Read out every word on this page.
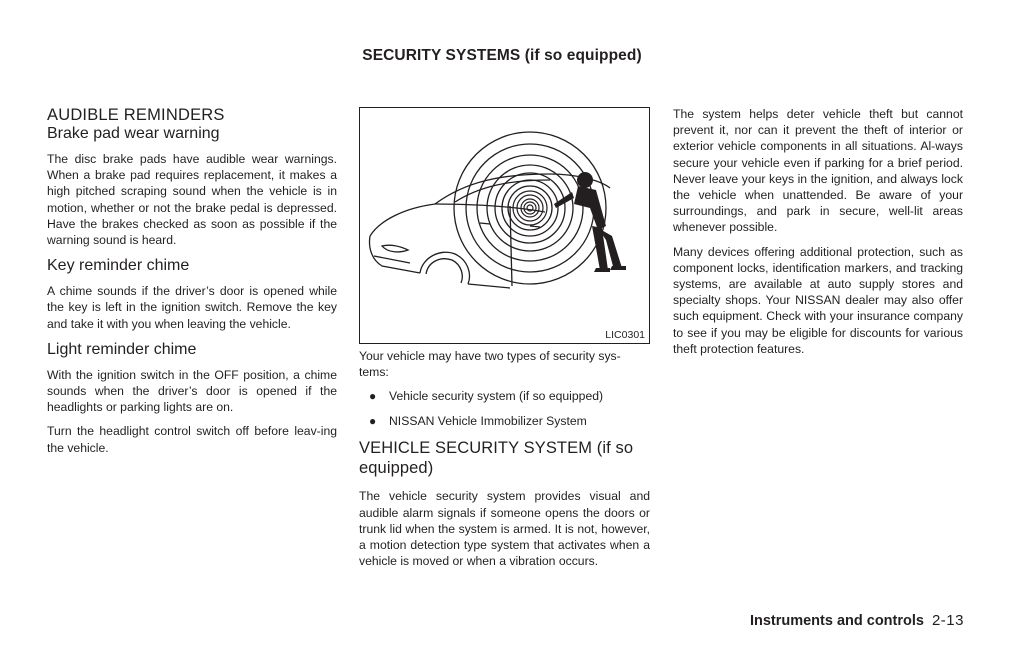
SECURITY SYSTEMS (if so equipped)
AUDIBLE REMINDERS
Brake pad wear warning

The disc brake pads have audible wear warnings. When a brake pad requires replacement, it makes a high pitched scraping sound when the vehicle is in motion, whether or not the brake pedal is depressed. Have the brakes checked as soon as possible if the warning sound is heard.

Key reminder chime

A chime sounds if the driver’s door is opened while the key is left in the ignition switch. Remove the key and take it with you when leaving the vehicle.

Light reminder chime

With the ignition switch in the OFF position, a chime sounds when the driver’s door is opened if the headlights or parking lights are on.

Turn the headlight control switch off before leav-ing the vehicle.

LIC0301

Your vehicle may have two types of security sys-tems:

● Vehicle security system (if so equipped)
● NISSAN Vehicle Immobilizer System
VEHICLE SECURITY SYSTEM (if so equipped)

The vehicle security system provides visual and audible alarm signals if someone opens the doors or trunk lid when the system is armed. It is not, however, a motion detection type system that activates when a vehicle is moved or when a vibration occurs.

The system helps deter vehicle theft but cannot prevent it, nor can it prevent the theft of interior or exterior vehicle components in all situations. Al-ways secure your vehicle even if parking for a brief period. Never leave your keys in the ignition, and always lock the vehicle when unattended. Be aware of your surroundings, and park in secure, well-lit areas whenever possible.

Many devices offering additional protection, such as component locks, identification markers, and tracking systems, are available at auto supply stores and specialty shops. Your NISSAN dealer may also offer such equipment. Check with your insurance company to see if you may be eligible for discounts for various theft protection features.

Instruments and controls 2-13
